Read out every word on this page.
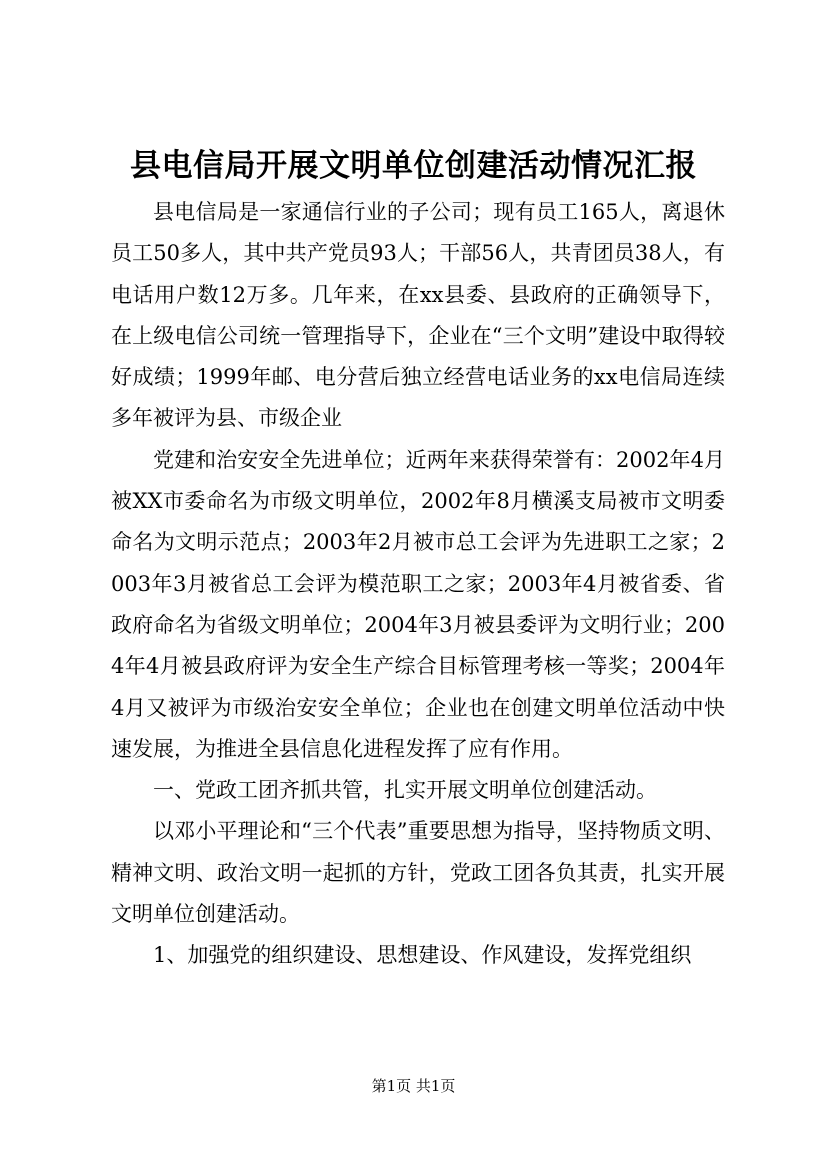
县电信局开展文明单位创建活动情况汇报

县电信局是一家通信行业的子公司；现有员工165人，离退休员工50多人，其中共产党员93人；干部56人，共青团员38人，有电话用户数12万多。几年来，在xx县委、县政府的正确领导下，在上级电信公司统一管理指导下，企业在“三个文明”建设中取得较好成绩；1999年邮、电分营后独立经营电话业务的xx电信局连续多年被评为县、市级企业

党建和治安安全先进单位；近两年来获得荣誉有：2002年4月被XX市委命名为市级文明单位，2002年8月横溪支局被市文明委命名为文明示范点；2003年2月被市总工会评为先进职工之家；2003年3月被省总工会评为模范职工之家；2003年4月被省委、省政府命名为省级文明单位；2004年3月被县委评为文明行业；2004年4月被县政府评为安全生产综合目标管理考核一等奖；2004年4月又被评为市级治安安全单位；企业也在创建文明单位活动中快速发展，为推进全县信息化进程发挥了应有作用。

一、党政工团齐抓共管，扎实开展文明单位创建活动。

以邓小平理论和“三个代表”重要思想为指导，坚持物质文明、精神文明、政治文明一起抓的方针，党政工团各负其责，扎实开展文明单位创建活动。

1、加强党的组织建设、思想建设、作风建设，发挥党组织

第1页 共1页
